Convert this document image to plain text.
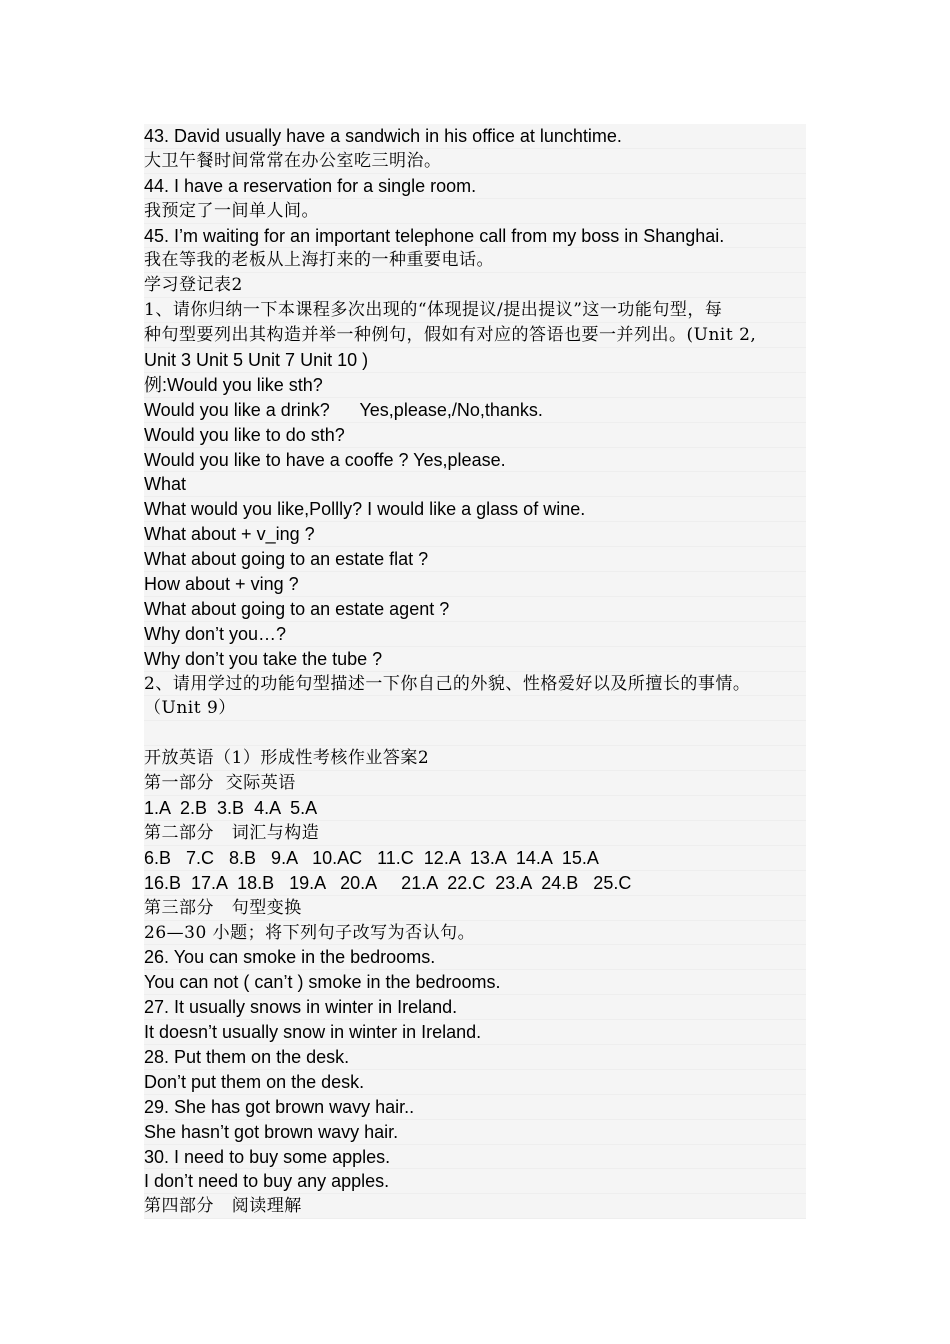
43. David usually have a sandwich in his office at lunchtime.
大卫午餐时间常常在办公室吃三明治。
44. I have a reservation for a single room.
我预定了一间单人间。
45. I’m waiting for an important telephone call from my boss in Shanghai.
我在等我的老板从上海打来的一种重要电话。
学习登记表2
1、请你归纳一下本课程多次出现的“体现提议/提出提议”这一功能句型，每
种句型要列出其构造并举一种例句，假如有对应的答语也要一并列出。(Unit 2,
Unit 3 Unit 5 Unit 7 Unit 10 )
例:Would you like sth?
Would you like a drink?      Yes,please,/No,thanks.
Would you like to do sth?
Would you like to have a cooffe ? Yes,please.
What
What would you like,Pollly? I would like a glass of wine.
What about + v_ing ?
What about going to an estate flat ?
How about + ving ?
What about going to an estate agent ?
Why don’t you…?
Why don’t you take the tube ?
2、请用学过的功能句型描述一下你自己的外貌、性格爱好以及所擅长的事情。
（Unit 9）
开放英语（1）形成性考核作业答案2
第一部分  交际英语
1.A  2.B  3.B  4.A  5.A
第二部分   词汇与构造
6.B   7.C   8.B   9.A   10.AC   11.C  12.A  13.A  14.A  15.A
16.B  17.A  18.B   19.A   20.A     21.A  22.C  23.A  24.B   25.C
第三部分   句型变换
26—30 小题；将下列句子改写为否认句。
26. You can smoke in the bedrooms.
You can not ( can’t ) smoke in the bedrooms.
27. It usually snows in winter in Ireland.
It doesn’t usually snow in winter in Ireland.
28. Put them on the desk.
Don’t put them on the desk.
29. She has got brown wavy hair..
She hasn’t got brown wavy hair.
30. I need to buy some apples.
I don’t need to buy any apples.
第四部分   阅读理解
